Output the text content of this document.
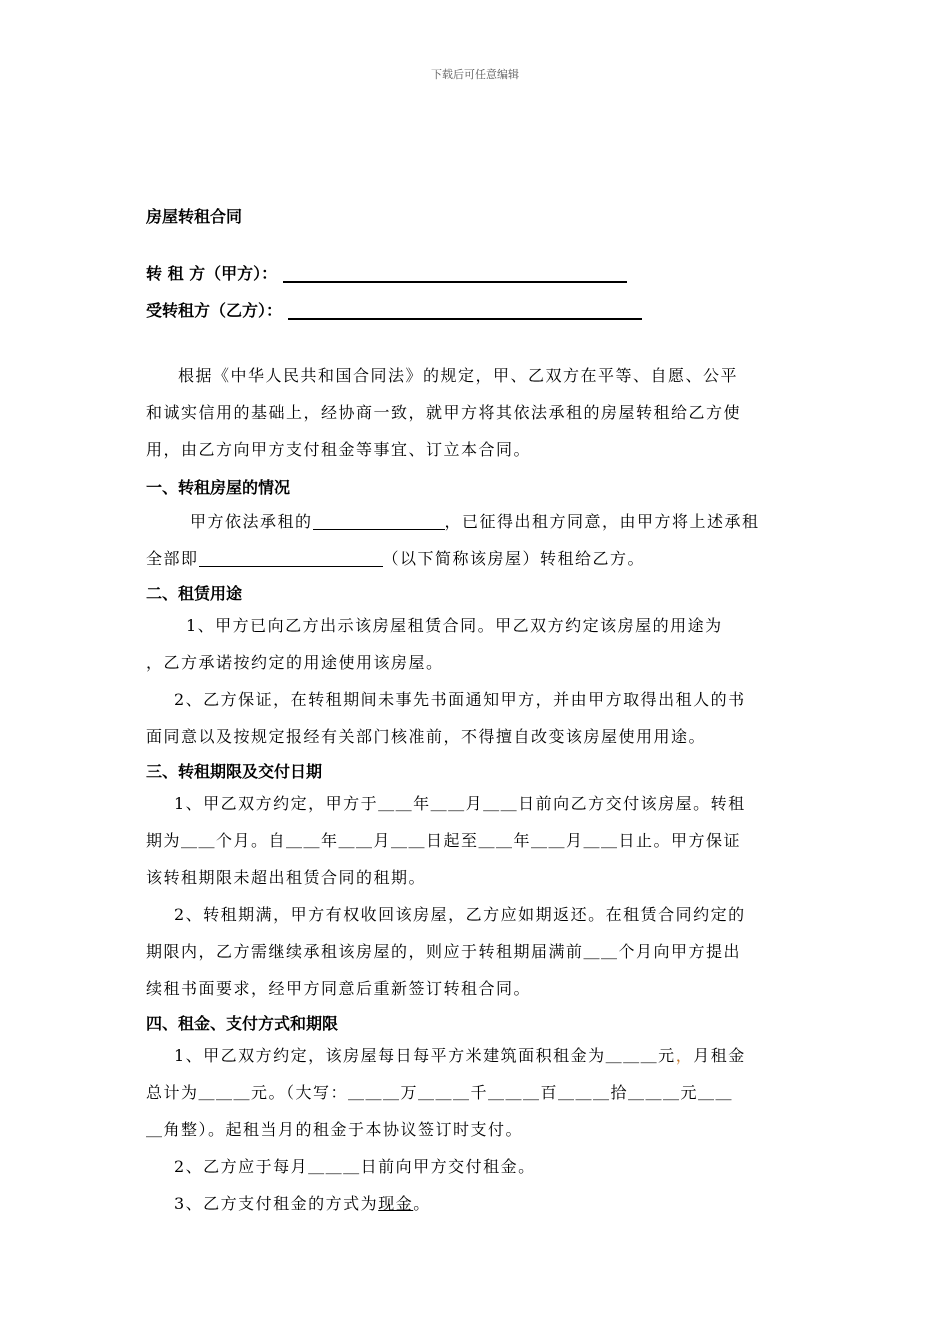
下载后可任意编辑
房屋转租合同
转 租 方（甲方）：
受转租方（乙方）：
根据《中华人民共和国合同法》的规定，甲、乙双方在平等、自愿、公平
和诚实信用的基础上，经协商一致，就甲方将其依法承租的房屋转租给乙方使
用，由乙方向甲方支付租金等事宜、订立本合同。
一、转租房屋的情况
甲方依法承租的	，已征得出租方同意，由甲方将上述承租
全部即	（以下简称该房屋）转租给乙方。
二、租赁用途
1、甲方已向乙方出示该房屋租赁合同。甲乙双方约定该房屋的用途为
，乙方承诺按约定的用途使用该房屋。
2、乙方保证，在转租期间未事先书面通知甲方，并由甲方取得出租人的书
面同意以及按规定报经有关部门核准前，不得擅自改变该房屋使用用途。
三、转租期限及交付日期
1、甲乙双方约定，甲方于＿＿年＿＿月＿＿日前向乙方交付该房屋。转租
期为＿＿个月。自＿＿年＿＿月＿＿日起至＿＿年＿＿月＿＿日止。甲方保证
该转租期限未超出租赁合同的租期。
2、转租期满，甲方有权收回该房屋，乙方应如期返还。在租赁合同约定的
期限内，乙方需继续承租该房屋的，则应于转租期届满前＿＿个月向甲方提出
续租书面要求，经甲方同意后重新签订转租合同。
四、租金、支付方式和期限
1、甲乙双方约定，该房屋每日每平方米建筑面积租金为＿＿＿元，月租金
总计为＿＿＿元。（大写：＿＿＿万＿＿＿千＿＿＿百＿＿＿拾＿＿＿元＿＿
＿角整）。起租当月的租金于本协议签订时支付。
2、乙方应于每月＿＿＿日前向甲方交付租金。
3、乙方支付租金的方式为现金。
